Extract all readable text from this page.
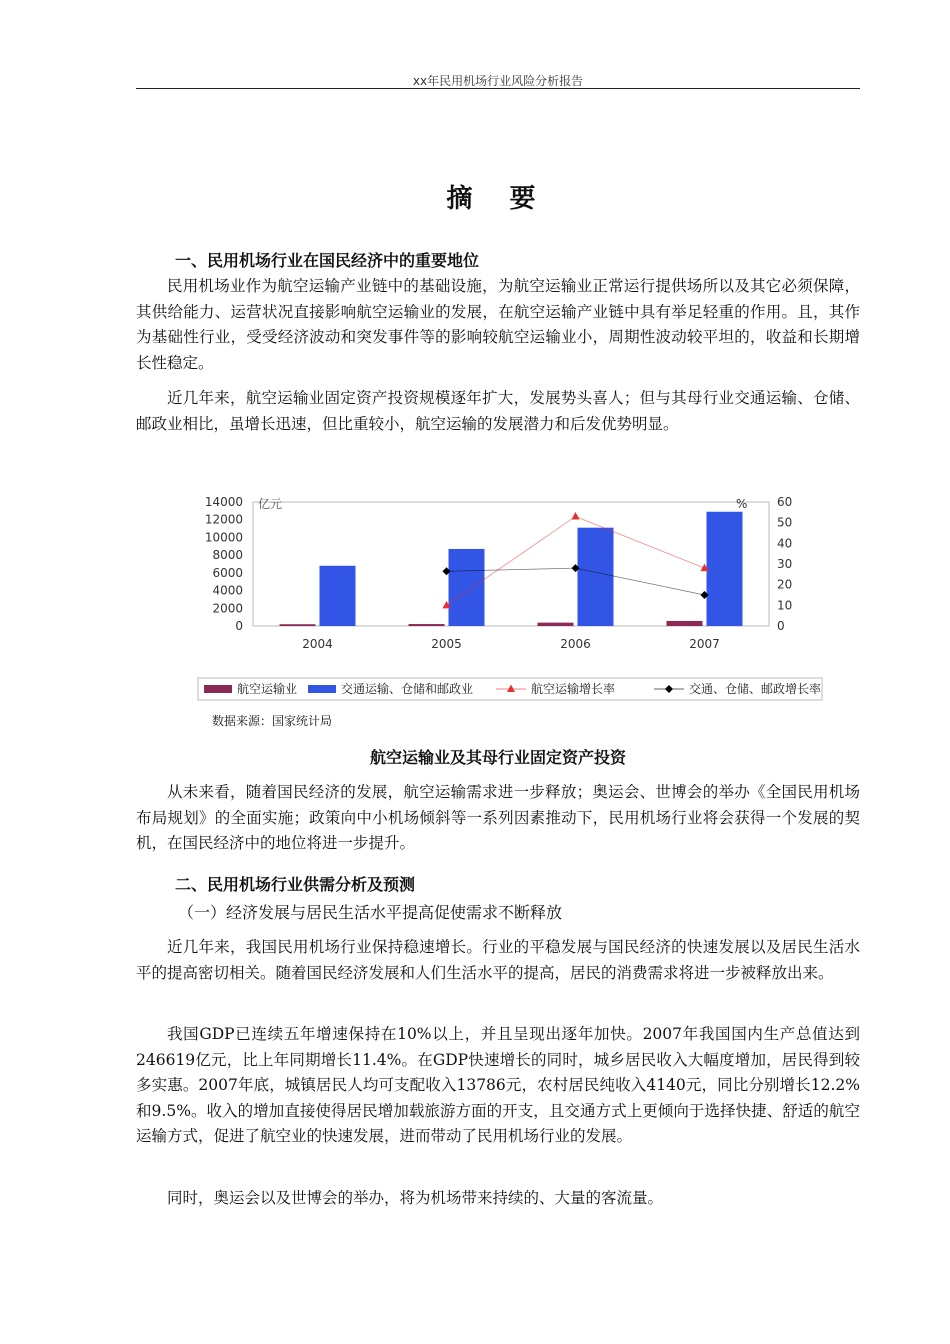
xx年民用机场行业风险分析报告
摘 要
一、民用机场行业在国民经济中的重要地位

民用机场业作为航空运输产业链中的基础设施，为航空运输业正常运行提供场所以及其它必须保障，其供给能力、运营状况直接影响航空运输业的发展，在航空运输产业链中具有举足轻重的作用。且，其作为基础性行业，受受经济波动和突发事件等的影响较航空运输业小，周期性波动较平坦的，收益和长期增长性稳定。

近几年来，航空运输业固定资产投资规模逐年扩大，发展势头喜人；但与其母行业交通运输、仓储、邮政业相比，虽增长迅速，但比重较小，航空运输的发展潜力和后发优势明显。

0
2000
4000
6000
8000
10000
12000
14000
0
10
20
30
40
50
60
2004	2005	2006	2007
亿元	%
航空运输业	交通运输、仓储和邮政业	航空运输增长率	交通、仓储、邮政增长率
数据来源：国家统计局
航空运输业及其母行业固定资产投资

从未来看，随着国民经济的发展，航空运输需求进一步释放；奥运会、世博会的举办《全国民用机场布局规划》的全面实施；政策向中小机场倾斜等一系列因素推动下，民用机场行业将会获得一个发展的契机，在国民经济中的地位将进一步提升。

二、民用机场行业供需分析及预测
（一）经济发展与居民生活水平提高促使需求不断释放

近几年来，我国民用机场行业保持稳速增长。行业的平稳发展与国民经济的快速发展以及居民生活水平的提高密切相关。随着国民经济发展和人们生活水平的提高，居民的消费需求将进一步被释放出来。

我国GDP已连续五年增速保持在10%以上，并且呈现出逐年加快。2007年我国国内生产总值达到246619亿元，比上年同期增长11.4%。在GDP快速增长的同时，城乡居民收入大幅度增加，居民得到较多实惠。2007年底，城镇居民人均可支配收入13786元，农村居民纯收入4140元，同比分别增长12.2%和9.5%。收入的增加直接使得居民增加载旅游方面的开支，且交通方式上更倾向于选择快捷、舒适的航空运输方式，促进了航空业的快速发展，进而带动了民用机场行业的发展。

同时，奥运会以及世博会的举办，将为机场带来持续的、大量的客流量。
